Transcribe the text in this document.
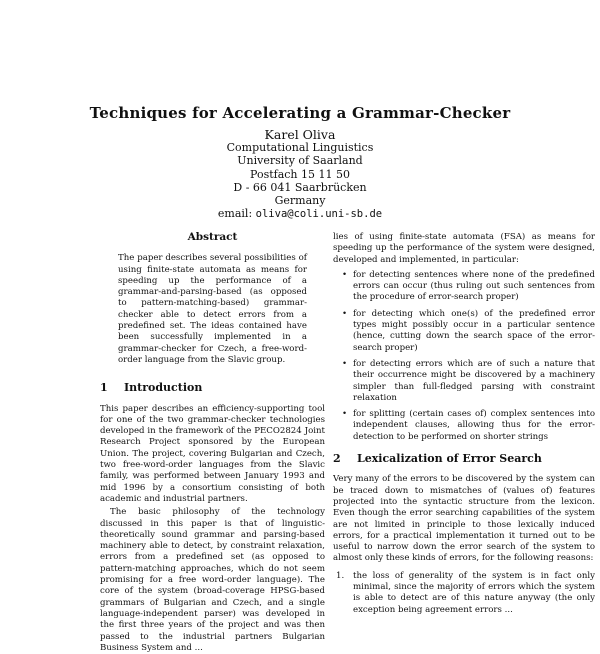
Techniques for Accelerating a Grammar-Checker
Karel Oliva
Computational Linguistics
University of Saarland
Postfach 15 11 50
D - 66 041 Saarbrücken
Germany
email: oliva@coli.uni-sb.de
Abstract

The paper describes several possibilities of using finite-state automata as means for speeding up the performance of a grammar-and-parsing-based (as opposed to pattern-matching-based) grammar-checker able to detect errors from a predefined set. The ideas contained have been successfully implemented in a grammar-checker for Czech, a free-word-order language from the Slavic group.

1 Introduction

This paper describes an efficiency-supporting tool for one of the two grammar-checker technologies developed in the framework of the PECO2824 Joint Research Project sponsored by the European Union. The project, covering Bulgarian and Czech, two free-word-order languages from the Slavic family, was performed between January 1993 and mid 1996 by a consortium consisting of both academic and industrial partners.

The basic philosophy of the technology discussed in this paper is that of linguistic-theoretically sound grammar and parsing-based machinery able to detect, by constraint relaxation, errors from a predefined set (as opposed to pattern-matching approaches, which do not seem promising for a free word-order language). The core of the system (broad-coverage HPSG-based grammars of Bulgarian and Czech, and a single language-independent parser) was developed in the first three years of the project and was then passed to the industrial partners Bulgarian Business System and ...

lies of using finite-state automata (FSA) as means for speeding up the performance of the system were designed, developed and implemented, in particular:

• for detecting sentences where none of the predefined errors can occur (thus ruling out such sentences from the procedure of error-search proper)
• for detecting which one(s) of the predefined error types might possibly occur in a particular sentence (hence, cutting down the search space of the error-search proper)
• for detecting errors which are of such a nature that their occurrence might be discovered by a machinery simpler than full-fledged parsing with constraint relaxation
• for splitting (certain cases of) complex sentences into independent clauses, allowing thus for the error-detection to be performed on shorter strings
2 Lexicalization of Error Search

Very many of the errors to be discovered by the system can be traced down to mismatches of (values of) features projected into the syntactic structure from the lexicon. Even though the error searching capabilities of the system are not limited in principle to those lexically induced errors, for a practical implementation it turned out to be useful to narrow down the error search of the system to almost only these kinds of errors, for the following reasons:

1. the loss of generality of the system is in fact only minimal, since the majority of errors which the system is able to detect are of this nature anyway (the only exception being agreement errors ...
